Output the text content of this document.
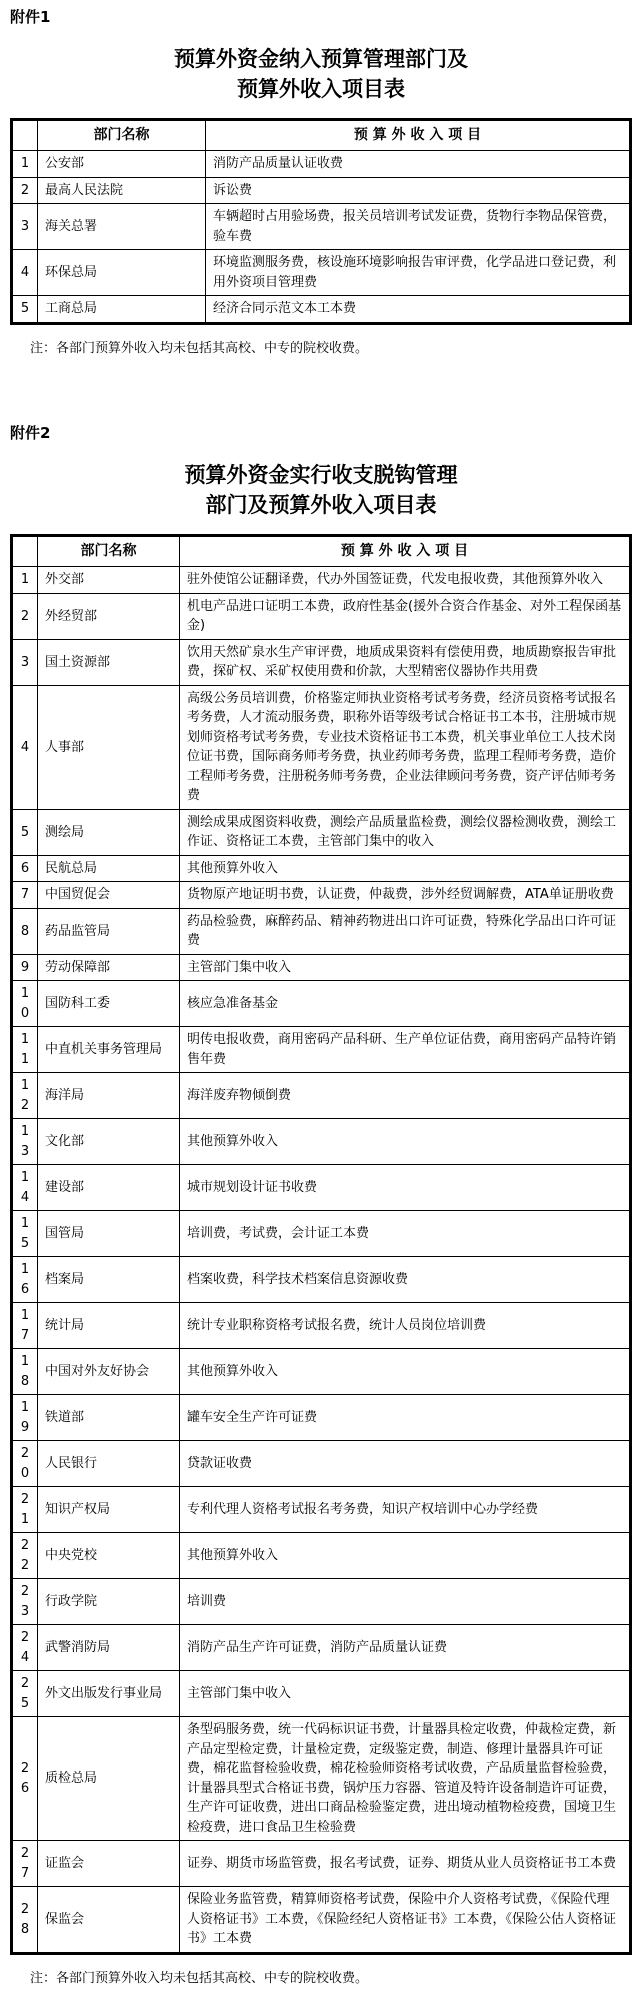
附件1
预算外资金纳入预算管理部门及
预算外收入项目表
	部门名称	预 算 外 收 入 项 目
1	公安部	消防产品质量认证收费
2	最高人民法院	诉讼费
3	海关总署	车辆超时占用验场费，报关员培训考试发证费，货物行李物品保管费，验车费
4	环保总局	环境监测服务费，核设施环境影响报告审评费，化学品进口登记费，利用外资项目管理费
5	工商总局	经济合同示范文本工本费
注：各部门预算外收入均未包括其高校、中专的院校收费。
附件2
预算外资金实行收支脱钩管理
部门及预算外收入项目表
	部门名称	预 算 外 收 入 项 目
1	外交部	驻外使馆公证翻译费，代办外国签证费，代发电报收费，其他预算外收入
2	外经贸部	机电产品进口证明工本费，政府性基金(援外合资合作基金、对外工程保函基金)
3	国土资源部	饮用天然矿泉水生产审评费，地质成果资料有偿使用费，地质勘察报告审批费，探矿权、采矿权使用费和价款，大型精密仪器协作共用费
4	人事部	高级公务员培训费，价格鉴定师执业资格考试考务费，经济员资格考试报名考务费，人才流动服务费，职称外语等级考试合格证书工本书，注册城市规划师资格考试考务费，专业技术资格证书工本费，机关事业单位工人技术岗位证书费，国际商务师考务费，执业药师考务费，监理工程师考务费，造价工程师考务费，注册税务师考务费，企业法律顾问考务费，资产评估师考务费
5	测绘局	测绘成果成图资料收费，测绘产品质量监检费，测绘仪器检测收费，测绘工作证、资格证工本费，主管部门集中的收入
6	民航总局	其他预算外收入
7	中国贸促会	货物原产地证明书费，认证费，仲裁费，涉外经贸调解费，ATA单证册收费
8	药品监管局	药品检验费，麻醉药品、精神药物进出口许可证费，特殊化学品出口许可证费
9	劳动保障部	主管部门集中收入
10	国防科工委	核应急准备基金
11	中直机关事务管理局	明传电报收费，商用密码产品科研、生产单位证估费，商用密码产品特许销售年费
12	海洋局	海洋废弃物倾倒费
13	文化部	其他预算外收入
14	建设部	城市规划设计证书收费
15	国管局	培训费，考试费，会计证工本费
16	档案局	档案收费，科学技术档案信息资源收费
17	统计局	统计专业职称资格考试报名费，统计人员岗位培训费
18	中国对外友好协会	其他预算外收入
19	铁道部	罐车安全生产许可证费
20	人民银行	贷款证收费
21	知识产权局	专利代理人资格考试报名考务费，知识产权培训中心办学经费
22	中央党校	其他预算外收入
23	行政学院	培训费
24	武警消防局	消防产品生产许可证费，消防产品质量认证费
25	外文出版发行事业局	主管部门集中收入
26	质检总局	条型码服务费，统一代码标识证书费，计量器具检定收费，仲裁检定费，新产品定型检定费，计量检定费，定级鉴定费，制造、修理计量器具许可证费，棉花监督检验收费，棉花检验师资格考试收费，产品质量监督检验费，计量器具型式合格证书费，锅炉压力容器、管道及特许设备制造许可证费，生产许可证收费，进出口商品检验鉴定费，进出境动植物检疫费，国境卫生检疫费，进口食品卫生检验费
27	证监会	证券、期货市场监管费，报名考试费，证券、期货从业人员资格证书工本费
28	保监会	保险业务监管费，精算师资格考试费，保险中介人资格考试费，《保险代理人资格证书》工本费，《保险经纪人资格证书》工本费，《保险公估人资格证书》工本费
注：各部门预算外收入均未包括其高校、中专的院校收费。
